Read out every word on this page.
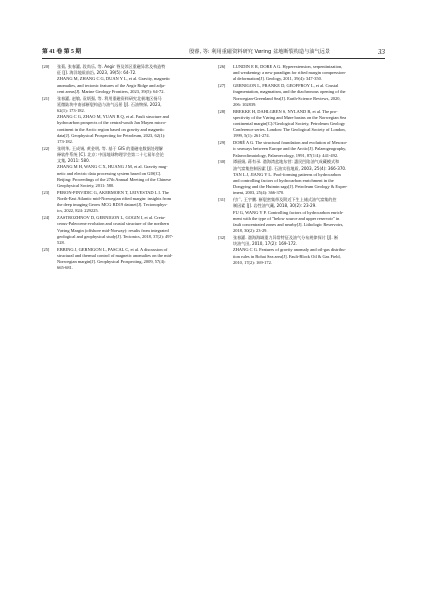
第 41 卷 第 5 期	殷睿, 等: 利用重磁资料研究 Vøring 盆地断裂构造与油气远景	33
[20]	张菊, 张春灌, 段尚乐, 等. Aegir 脊及邻区重磁异常及构造特
征 [J]. 海洋地质前沿, 2023, 39(5): 64-72.
ZHANG M, ZHANG C G, DUAN Y L, et al. Gravity, magnetic
anomalies, and tectonic features of the Aegir Ridge and adja-
cent areas[J]. Marine Geology Frontiers, 2023, 39(5): 64-72.
[21]	张春灌, 赵敏, 袁炳强, 等. 利用重磁资料研究北极地区扬马
延微陆块中南部断裂构造与油气远景 [J]. 石油物探, 2023,
62(1): 173-182.
ZHANG C G, ZHAO M, YUAN B Q, et al. Fault structure and
hydrocarbon prospects of the central-south Jan Mayen micro-
continent in the Arctic region based on gravity and magnetic
data[J]. Geophysical Prospecting for Petroleum, 2023, 62(1):
173-182.
[22]	张明华, 王成锡, 黄金明, 等. 基于 GIS 的重磁电数据处理解
释软件系统 [C]. 北京: 中国地球物理学会第二十七届年会论
文集, 2011: 580.
ZHANG M H, WANG C X, HUANG J M, et al. Gravity mag-
netic and electric data processing system based on GIS[C].
Beijing: Proceedings of the 27th Annual Meeting of the Chinese
Geophysical Society, 2011: 580.
[23]	PERON-PINVIDIC G, AKERMOEN T, LEIVESTAD L I. The
North-East Atlantic mid-Norwegian rifted margin: insights from
the deep imaging Geoex MCG RD19 dataset[J]. Tectonophys-
ics, 2022, 824: 229225.
[24]	ZASTROZHNOV D, GERNIGON L, GOGIN I, et al. Creta-
ceous-Paleocene evolution and crustal structure of the northern
Vøring Margin (offshore mid-Norway): results from integrated
geological and geophysical study[J]. Tectonics, 2018, 37(2): 497-
528.
[25]	EBBING J, GERNIGON L, PASCAL C, et al. A discussion of
structural and thermal control of magnetic anomalies on the mid-
Norwegian margin[J]. Geophysical Prospecting, 2009, 57(4):
665-681.
[26]	LUNDIN E R, DORE A G. Hyperextension, serpentinization,
and weakening: a new paradigm for rifted margin compression-
al deformation[J]. Geology, 2011, 39(4): 347-350.
[27]	GERNIGON L, FRANKE D, GEOFFROY L, et al. Crustal
fragmentation, magmatism, and the diachronous opening of the
Norwegian-Greenland Sea[J]. Earth-Science Reviews, 2020,
206: 102839.
[28]	BREKKE H, DAHLGREN S, NYLAND B, et al. The pro-
spectivity of the Vøring and Møre basins on the Norwegian Sea
continental margin[C]//Geological Society, Petroleum Geology
Conference series. London: The Geological Society of London,
1999, 5(1): 261-274.
[29]	DORÉ A G. The structural foundation and evolution of Mesozo-
ic seaways between Europe and the Arctic[J]. Palaeogeography,
Palaeoclimatology, Palaeoecology, 1991, 87(1/4): 441-492.
[30]	谭丽娟, 蒋有录. 渤海湾盆地东营: 惠民凹陷油气成藏模式和
油气富集控制因素 [J]. 石油实验地质, 2003, 25(4): 366-370.
TAN L J, JIANG Y L. Pool-forming patterns of hydrocarbon
and controlling factors of hydrocarbon enrichment in the
Dongying and the Huimin sags[J]. Petroleum Geology & Exper-
iment, 2003, 25(4): 366-370.
[31]	付广, 王宇鹏. 断裂密集带及附近下生上储式油气富集的控
制因素 [J]. 岩性油气藏, 2018, 30(2): 23-29.
FU G, WANG Y P. Controlling factors of hydrocarbon enrich-
ment with the type of "below source and upper reservoir" in
fault concentrated zones and nearby[J]. Lithologic Reservoirs,
2018, 30(2): 23-29.
[32]	张春灌. 渤海海域重力异常特征及油气分布规律探讨 [J]. 断
块油气田, 2010, 17(2): 169-172.
ZHANG C G. Features of gravity anomaly and oil-gas distribu-
tion rules in Bohai Sea area[J]. Fault-Block Oil & Gas Field,
2010, 17(2): 169-172.
